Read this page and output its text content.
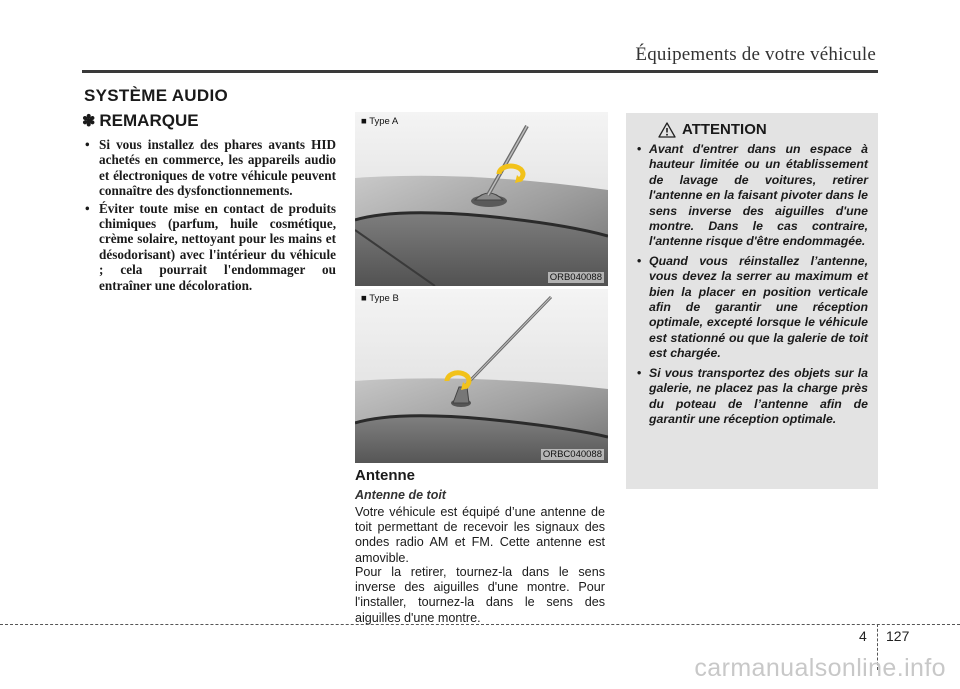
Équipements de votre véhicule
SYSTÈME AUDIO
✽ REMARQUE
• Si vous installez des phares avants HID achetés en commerce, les appareils audio et électroniques de votre véhicule peuvent connaître des dysfonctionnements.
• Éviter toute mise en contact de produits chimiques (parfum, huile cosmétique, crème solaire, nettoyant pour les mains et désodorisant) avec l'intérieur du véhicule ; cela pourrait l'endommager ou entraîner une décoloration.
■ Type A
ORB040088
■ Type B
ORBC040088
Antenne
Antenne de toit

Votre véhicule est équipé d’une antenne de toit permettant de recevoir les signaux des ondes radio AM et FM. Cette antenne est amovible.

Pour la retirer, tournez-la dans le sens inverse des aiguilles d'une montre. Pour l'installer, tournez-la dans le sens des aiguilles d'une montre.

ATTENTION
• Avant d'entrer dans un espace à hauteur limitée ou un établissement de lavage de voitures, retirer l'antenne en la faisant pivoter dans le sens inverse des aiguilles d'une montre. Dans le cas contraire, l'antenne risque d'être endommagée.
• Quand vous réinstallez l’antenne, vous devez la serrer au maximum et bien la placer en position verticale afin de garantir une réception optimale, excepté lorsque le véhicule est stationné ou que la galerie de toit est chargée.
• Si vous transportez des objets sur la galerie, ne placez pas la charge près du poteau de l’antenne afin de garantir une réception optimale.
4 127
carmanualsonline.info
